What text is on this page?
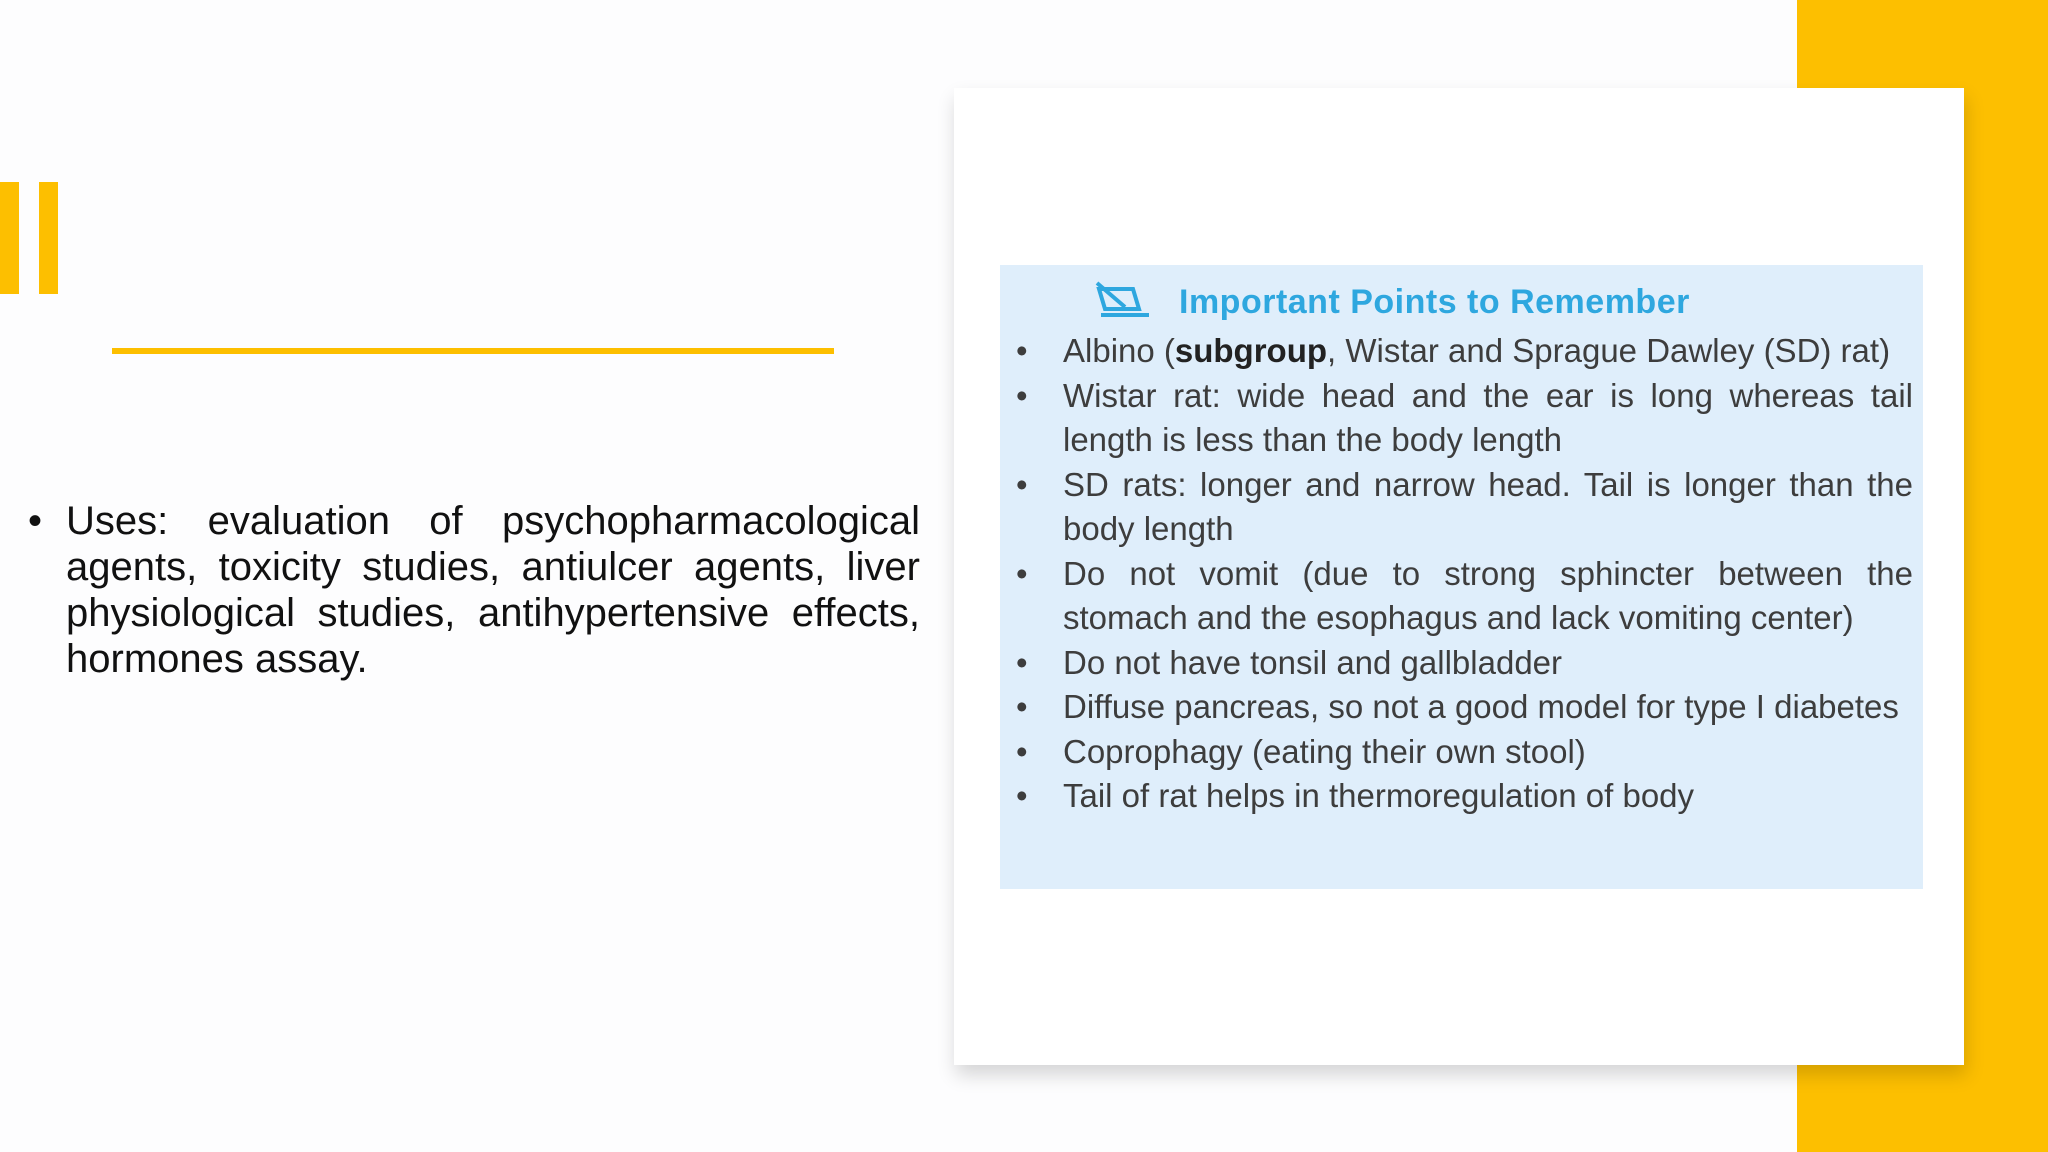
• Uses: evaluation of psychopharmacological agents, toxicity studies, antiulcer agents, liver physiological studies, antihypertensive effects, hormones assay.
Important Points to Remember
•	Albino (subgroup, Wistar and Sprague Dawley (SD) rat)
•	Wistar rat: wide head and the ear is long whereas tail length is less than the body length
•	SD rats: longer and narrow head. Tail is longer than the body length
•	Do not vomit (due to strong sphincter between the stomach and the esophagus and lack vomiting center)
•	Do not have tonsil and gallbladder
•	Diffuse pancreas, so not a good model for type I diabetes
•	Coprophagy (eating their own stool)
•	Tail of rat helps in thermoregulation of body
